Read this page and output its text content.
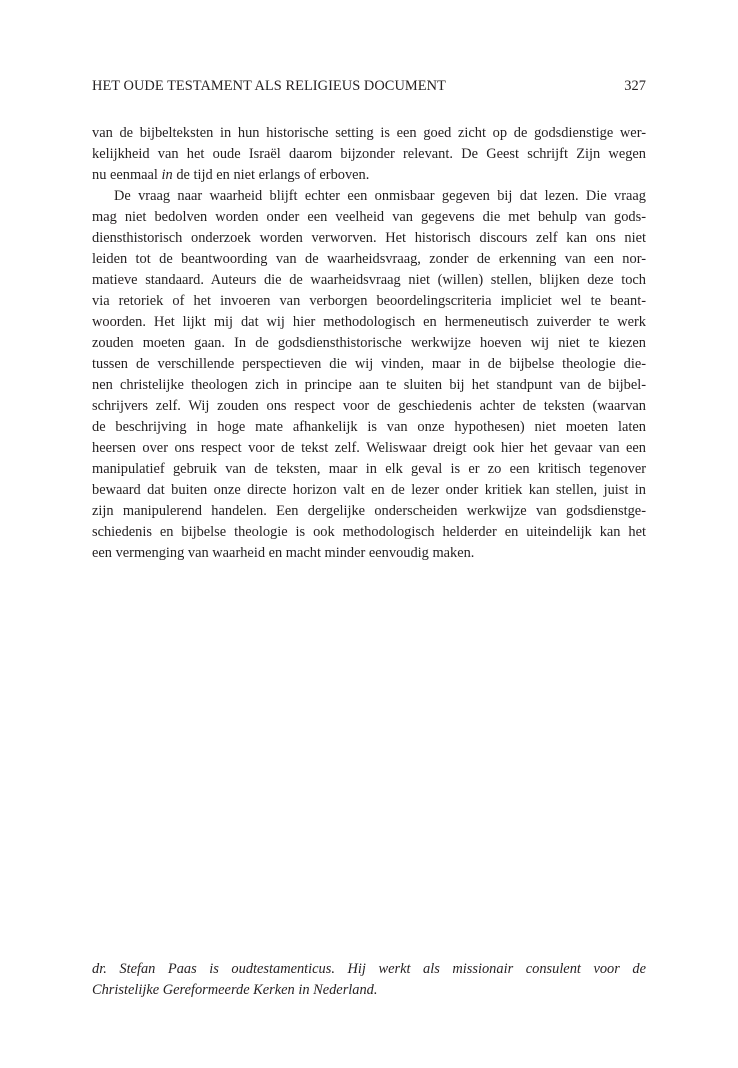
HET OUDE TESTAMENT ALS RELIGIEUS DOCUMENT	327

van de bijbelteksten in hun historische setting is een goed zicht op de godsdienstige wer-
kelijkheid van het oude Israël daarom bijzonder relevant. De Geest schrijft Zijn wegen
nu eenmaal in de tijd en niet erlangs of erboven.

De vraag naar waarheid blijft echter een onmisbaar gegeven bij dat lezen. Die vraag
mag niet bedolven worden onder een veelheid van gegevens die met behulp van gods-
diensthistorisch onderzoek worden verworven. Het historisch discours zelf kan ons niet
leiden tot de beantwoording van de waarheidsvraag, zonder de erkenning van een nor-
matieve standaard. Auteurs die de waarheidsvraag niet (willen) stellen, blijken deze toch
via retoriek of het invoeren van verborgen beoordelingscriteria impliciet wel te beant-
woorden. Het lijkt mij dat wij hier methodologisch en hermeneutisch zuiverder te werk
zouden moeten gaan. In de godsdiensthistorische werkwijze hoeven wij niet te kiezen
tussen de verschillende perspectieven die wij vinden, maar in de bijbelse theologie die-
nen christelijke theologen zich in principe aan te sluiten bij het standpunt van de bijbel-
schrijvers zelf. Wij zouden ons respect voor de geschiedenis achter de teksten (waarvan
de beschrijving in hoge mate afhankelijk is van onze hypothesen) niet moeten laten
heersen over ons respect voor de tekst zelf. Weliswaar dreigt ook hier het gevaar van een
manipulatief gebruik van de teksten, maar in elk geval is er zo een kritisch tegenover
bewaard dat buiten onze directe horizon valt en de lezer onder kritiek kan stellen, juist in
zijn manipulerend handelen. Een dergelijke onderscheiden werkwijze van godsdienstge-
schiedenis en bijbelse theologie is ook methodologisch helderder en uiteindelijk kan het
een vermenging van waarheid en macht minder eenvoudig maken.

dr. Stefan Paas is oudtestamenticus. Hij werkt als missionair consulent voor de
Christelijke Gereformeerde Kerken in Nederland.
